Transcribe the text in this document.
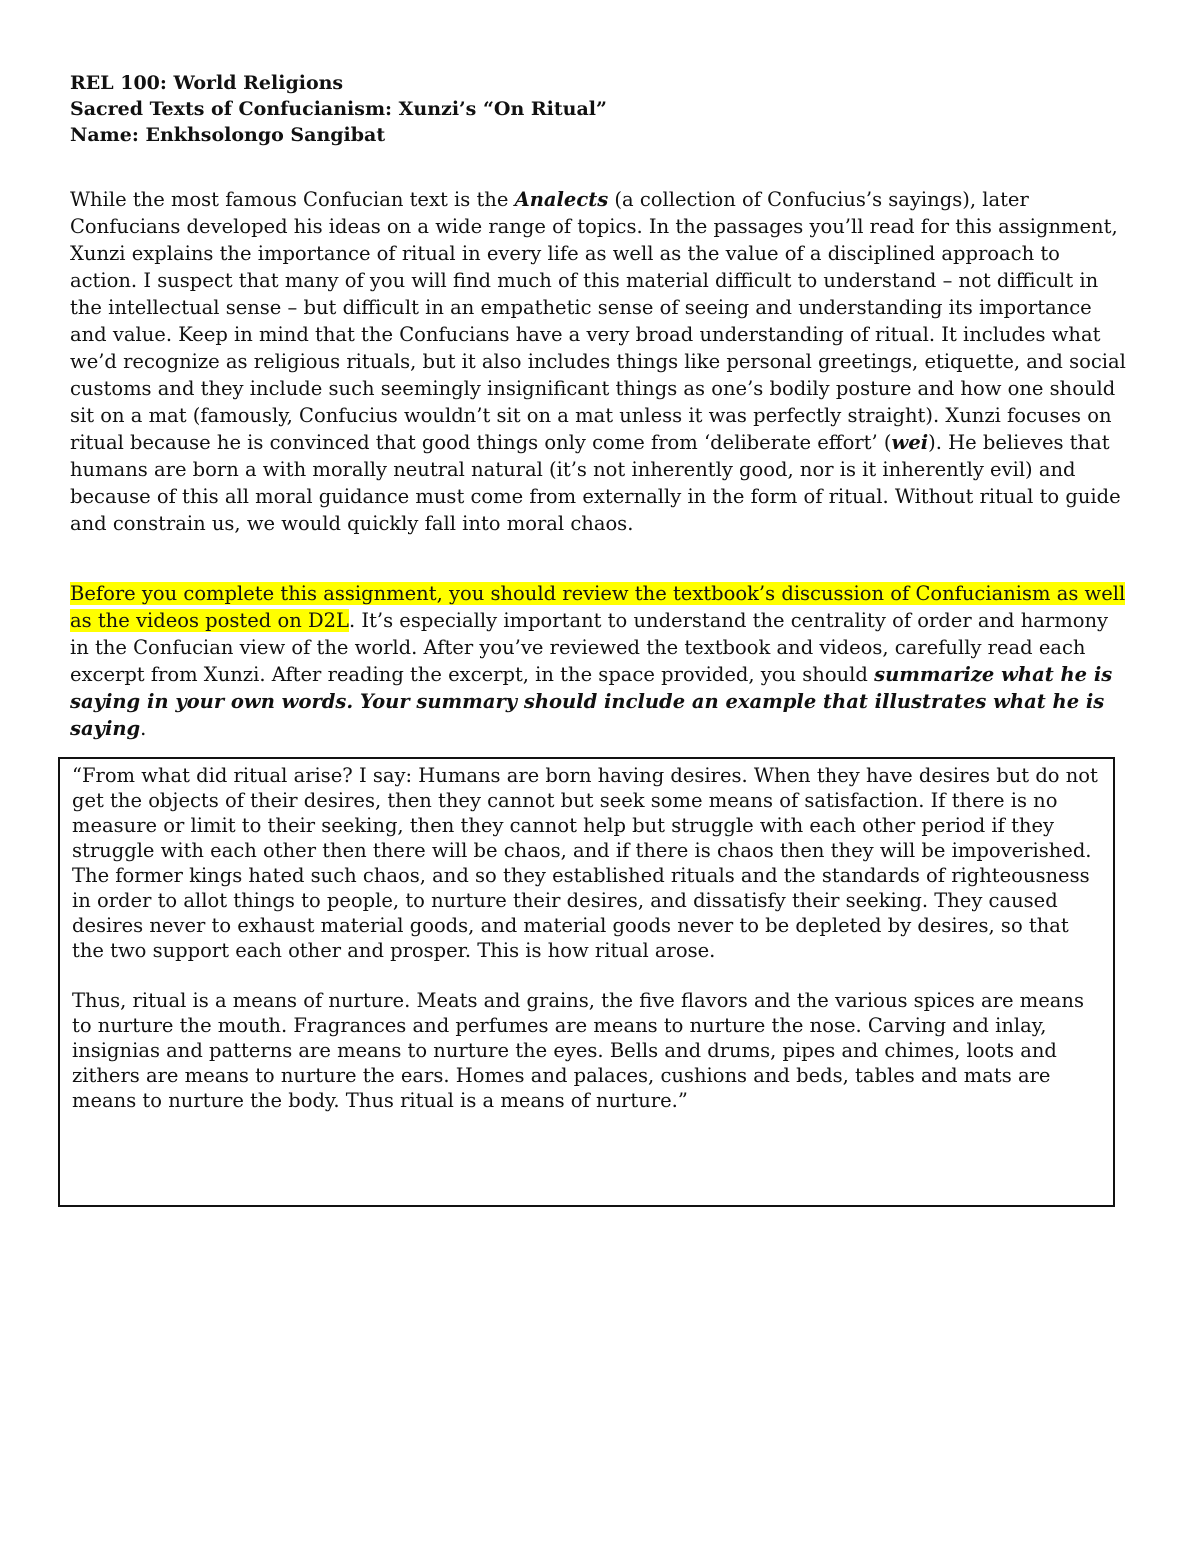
REL 100: World Religions
Sacred Texts of Confucianism: Xunzi’s “On Ritual”
Name: Enkhsolongo Sangibat

While the most famous Confucian text is the Analects (a collection of Confucius’s sayings), later Confucians developed his ideas on a wide range of topics. In the passages you’ll read for this assignment, Xunzi explains the importance of ritual in every life as well as the value of a disciplined approach to action. I suspect that many of you will find much of this material difficult to understand – not difficult in the intellectual sense – but difficult in an empathetic sense of seeing and understanding its importance and value. Keep in mind that the Confucians have a very broad understanding of ritual. It includes what we’d recognize as religious rituals, but it also includes things like personal greetings, etiquette, and social customs and they include such seemingly insignificant things as one’s bodily posture and how one should sit on a mat (famously, Confucius wouldn’t sit on a mat unless it was perfectly straight). Xunzi focuses on ritual because he is convinced that good things only come from ‘deliberate effort’ (wei). He believes that humans are born a with morally neutral natural (it’s not inherently good, nor is it inherently evil) and because of this all moral guidance must come from externally in the form of ritual. Without ritual to guide and constrain us, we would quickly fall into moral chaos.

Before you complete this assignment, you should review the textbook’s discussion of Confucianism as well as the videos posted on D2L. It’s especially important to understand the centrality of order and harmony in the Confucian view of the world. After you’ve reviewed the textbook and videos, carefully read each excerpt from Xunzi. After reading the excerpt, in the space provided, you should summarize what he is saying in your own words. Your summary should include an example that illustrates what he is saying.

“From what did ritual arise? I say: Humans are born having desires. When they have desires but do not get the objects of their desires, then they cannot but seek some means of satisfaction. If there is no measure or limit to their seeking, then they cannot help but struggle with each other period if they struggle with each other then there will be chaos, and if there is chaos then they will be impoverished. The former kings hated such chaos, and so they established rituals and the standards of righteousness in order to allot things to people, to nurture their desires, and dissatisfy their seeking. They caused desires never to exhaust material goods, and material goods never to be depleted by desires, so that the two support each other and prosper. This is how ritual arose.

Thus, ritual is a means of nurture. Meats and grains, the five flavors and the various spices are means to nurture the mouth. Fragrances and perfumes are means to nurture the nose. Carving and inlay, insignias and patterns are means to nurture the eyes. Bells and drums, pipes and chimes, loots and zithers are means to nurture the ears. Homes and palaces, cushions and beds, tables and mats are means to nurture the body. Thus ritual is a means of nurture.”
